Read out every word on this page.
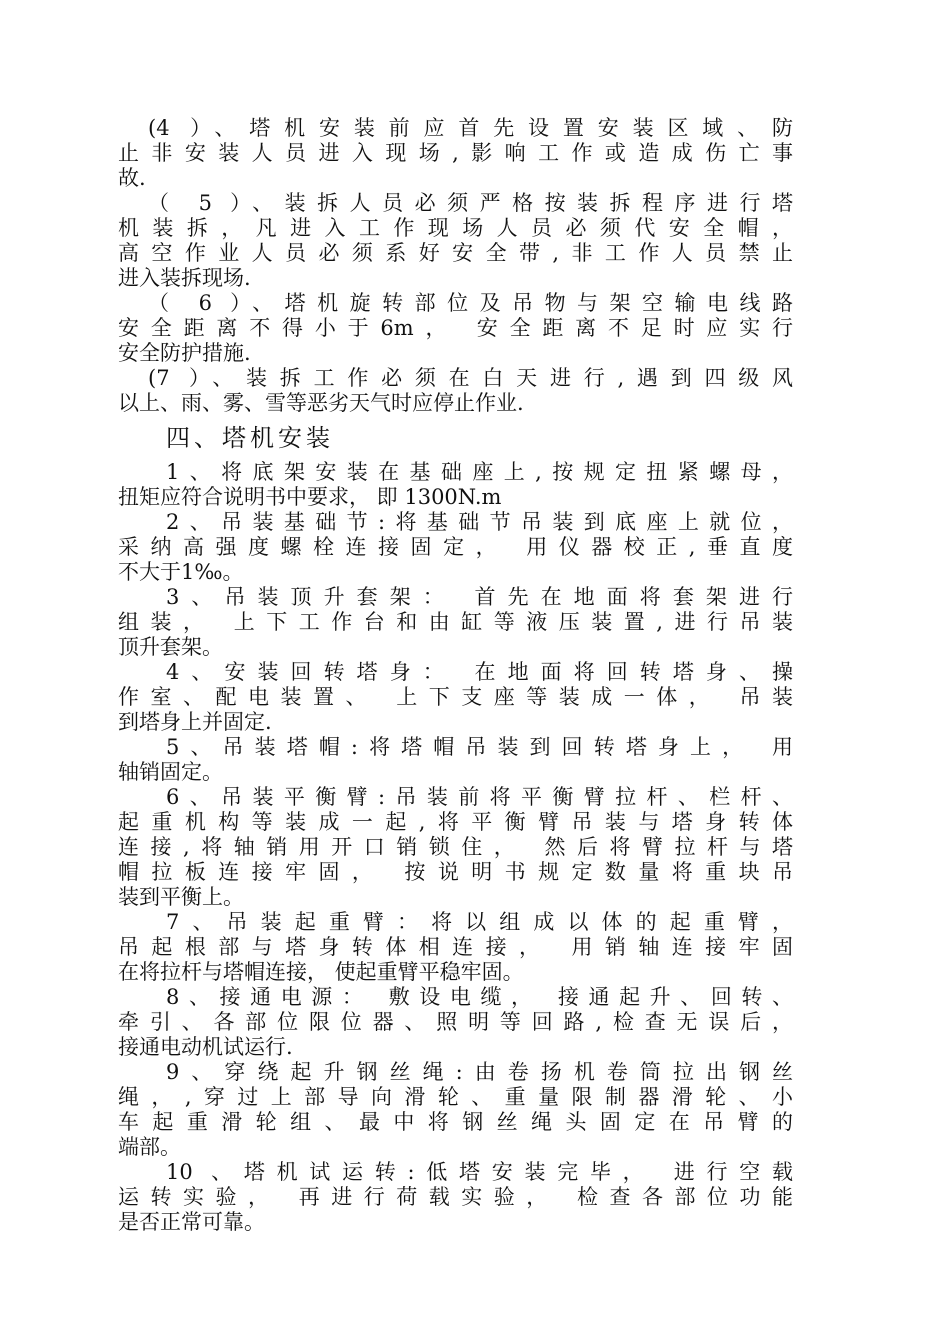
(4 ）、塔机安装前应首先设置安装区域、防
止非安装人员进入现场,影响工作或造成伤亡事
故.
（ 5 ）、装拆人员必须严格按装拆程序进行塔
机装拆，凡进入工作现场人员必须代安全帽，
高空作业人员必须系好安全带,非工作人员禁止
进入装拆现场.
（ 6 ）、塔机旋转部位及吊物与架空输电线路
安全距离不得小于6m， 安全距离不足时应实行
安全防护措施.
(7 ）、装拆工作必须在白天进行,遇到四级风
以上、雨、雾、雪等恶劣天气时应停止作业.
四、塔机安装
1、将底架安装在基础座上,按规定扭紧螺母，
扭矩应符合说明书中要求， 即 1300N.m
2、吊装基础节:将基础节吊装到底座上就位，
采纳高强度螺栓连接固定， 用仪器校正,垂直度
不大于1‰。
3、吊装顶升套架： 首先在地面将套架进行
组装， 上下工作台和由缸等液压装置,进行吊装
顶升套架。
4、安装回转塔身： 在地面将回转塔身、操
作室、配电装置、 上下支座等装成一体， 吊装
到塔身上并固定.
5、吊装塔帽:将塔帽吊装到回转塔身上， 用
轴销固定。
6、吊装平衡臂:吊装前将平衡臂拉杆、栏杆、
起重机构等装成一起,将平衡臂吊装与塔身转体
连接,将轴销用开口销锁住， 然后将臂拉杆与塔
帽拉板连接牢固， 按说明书规定数量将重块吊
装到平衡上。
7、吊装起重臂：将以组成以体的起重臂，
吊起根部与塔身转体相连接， 用销轴连接牢固
在将拉杆与塔帽连接， 使起重臂平稳牢固。
8、接通电源： 敷设电缆， 接通起升、回转、
牵引、各部位限位器、照明等回路,检查无误后，
接通电动机试运行.
9、穿绕起升钢丝绳:由卷扬机卷筒拉出钢丝
绳，,穿过上部导向滑轮、重量限制器滑轮、小
车起重滑轮组、最中将钢丝绳头固定在吊臂的
端部。
10 、塔机试运转:低塔安装完毕， 进行空载
运转实验， 再进行荷载实验， 检查各部位功能
是否正常可靠。
